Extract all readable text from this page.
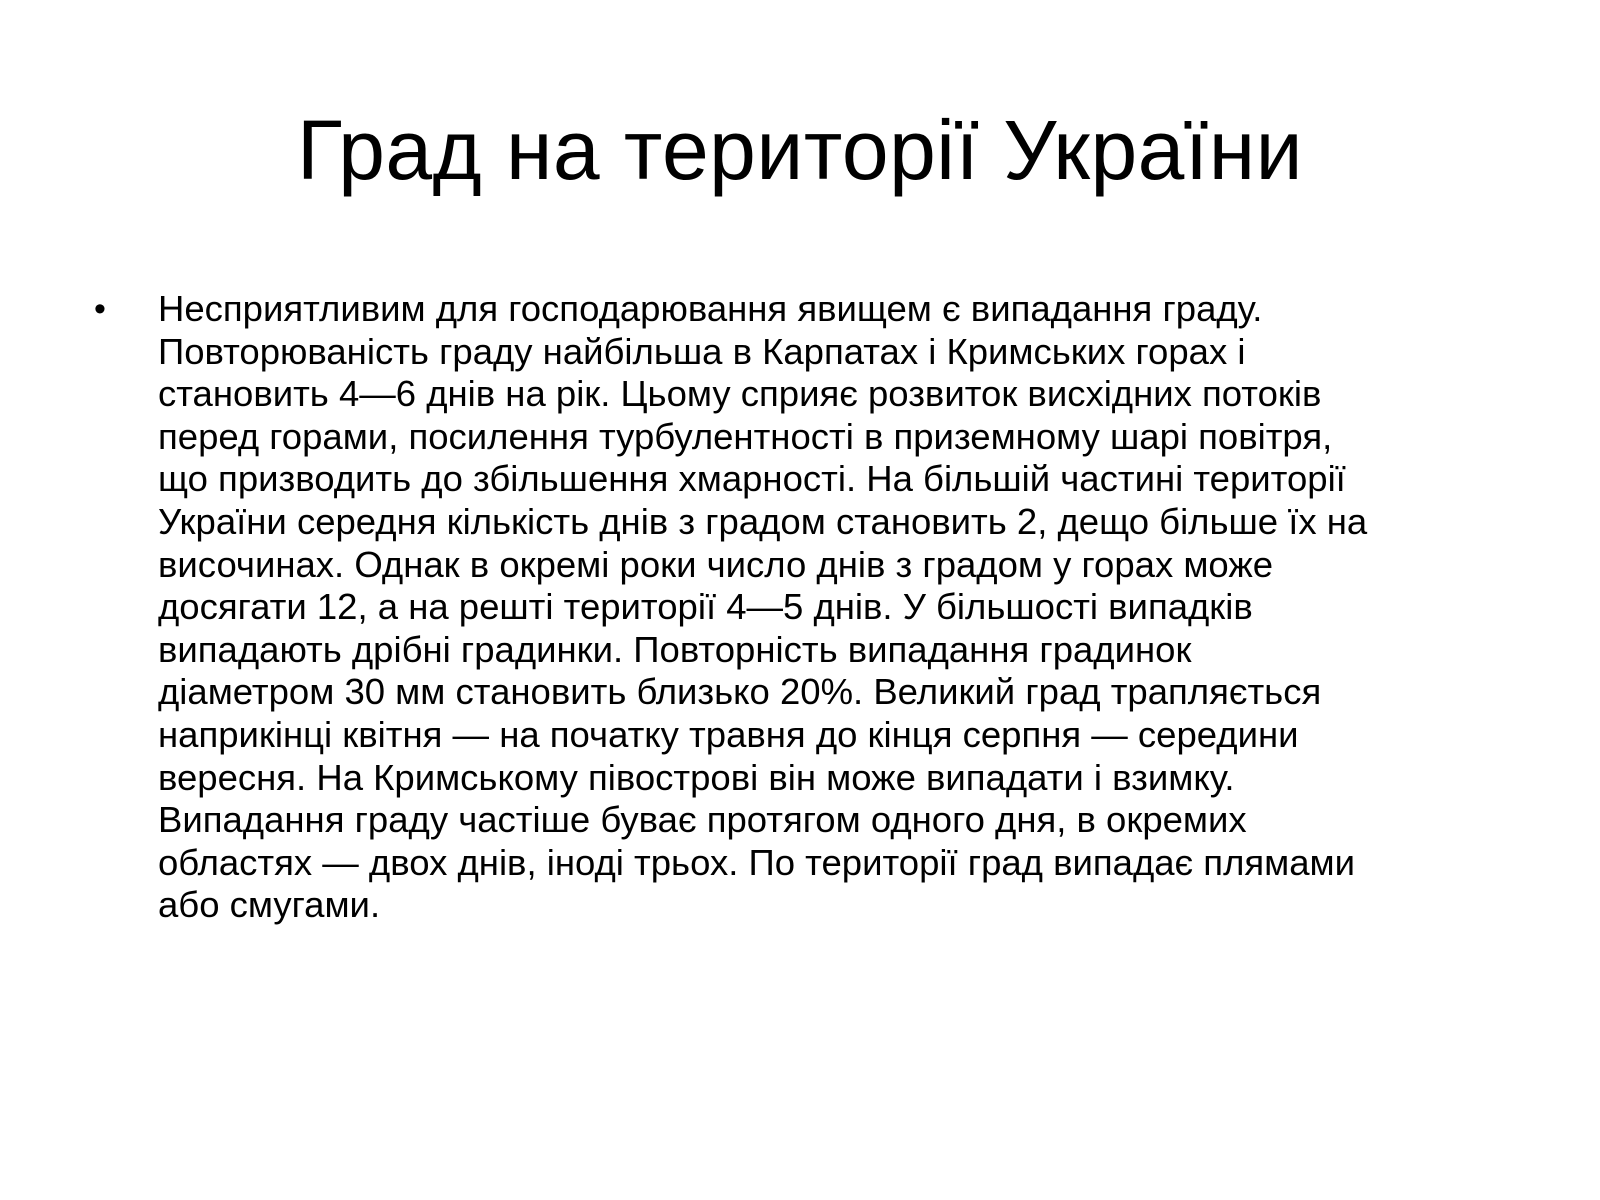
Град на території України
•	Несприятливим для господарювання явищем є випадання граду.
Повторюваність граду найбільша в Карпатах і Кримських горах і
становить 4—6 днів на рік. Цьому сприяє розвиток висхідних потоків
перед горами, посилення турбулентності в приземному шарі повітря,
що призводить до збільшення хмарності. На більшій частині території
України середня кількість днів з градом становить 2, дещо більше їх на
височинах. Однак в окремі роки число днів з градом у горах може
досягати 12, а на решті території 4—5 днів. У більшості випадків
випадають дрібні градинки. Повторність випадання градинок
діаметром 30 мм становить близько 20%. Великий град трапляється
наприкінці квітня — на початку травня до кінця серпня — середини
вересня. На Кримському півострові він може випадати і взимку.
Випадання граду частіше буває протягом одного дня, в окремих
областях — двох днів, іноді трьох. По території град випадає плямами
або смугами.
